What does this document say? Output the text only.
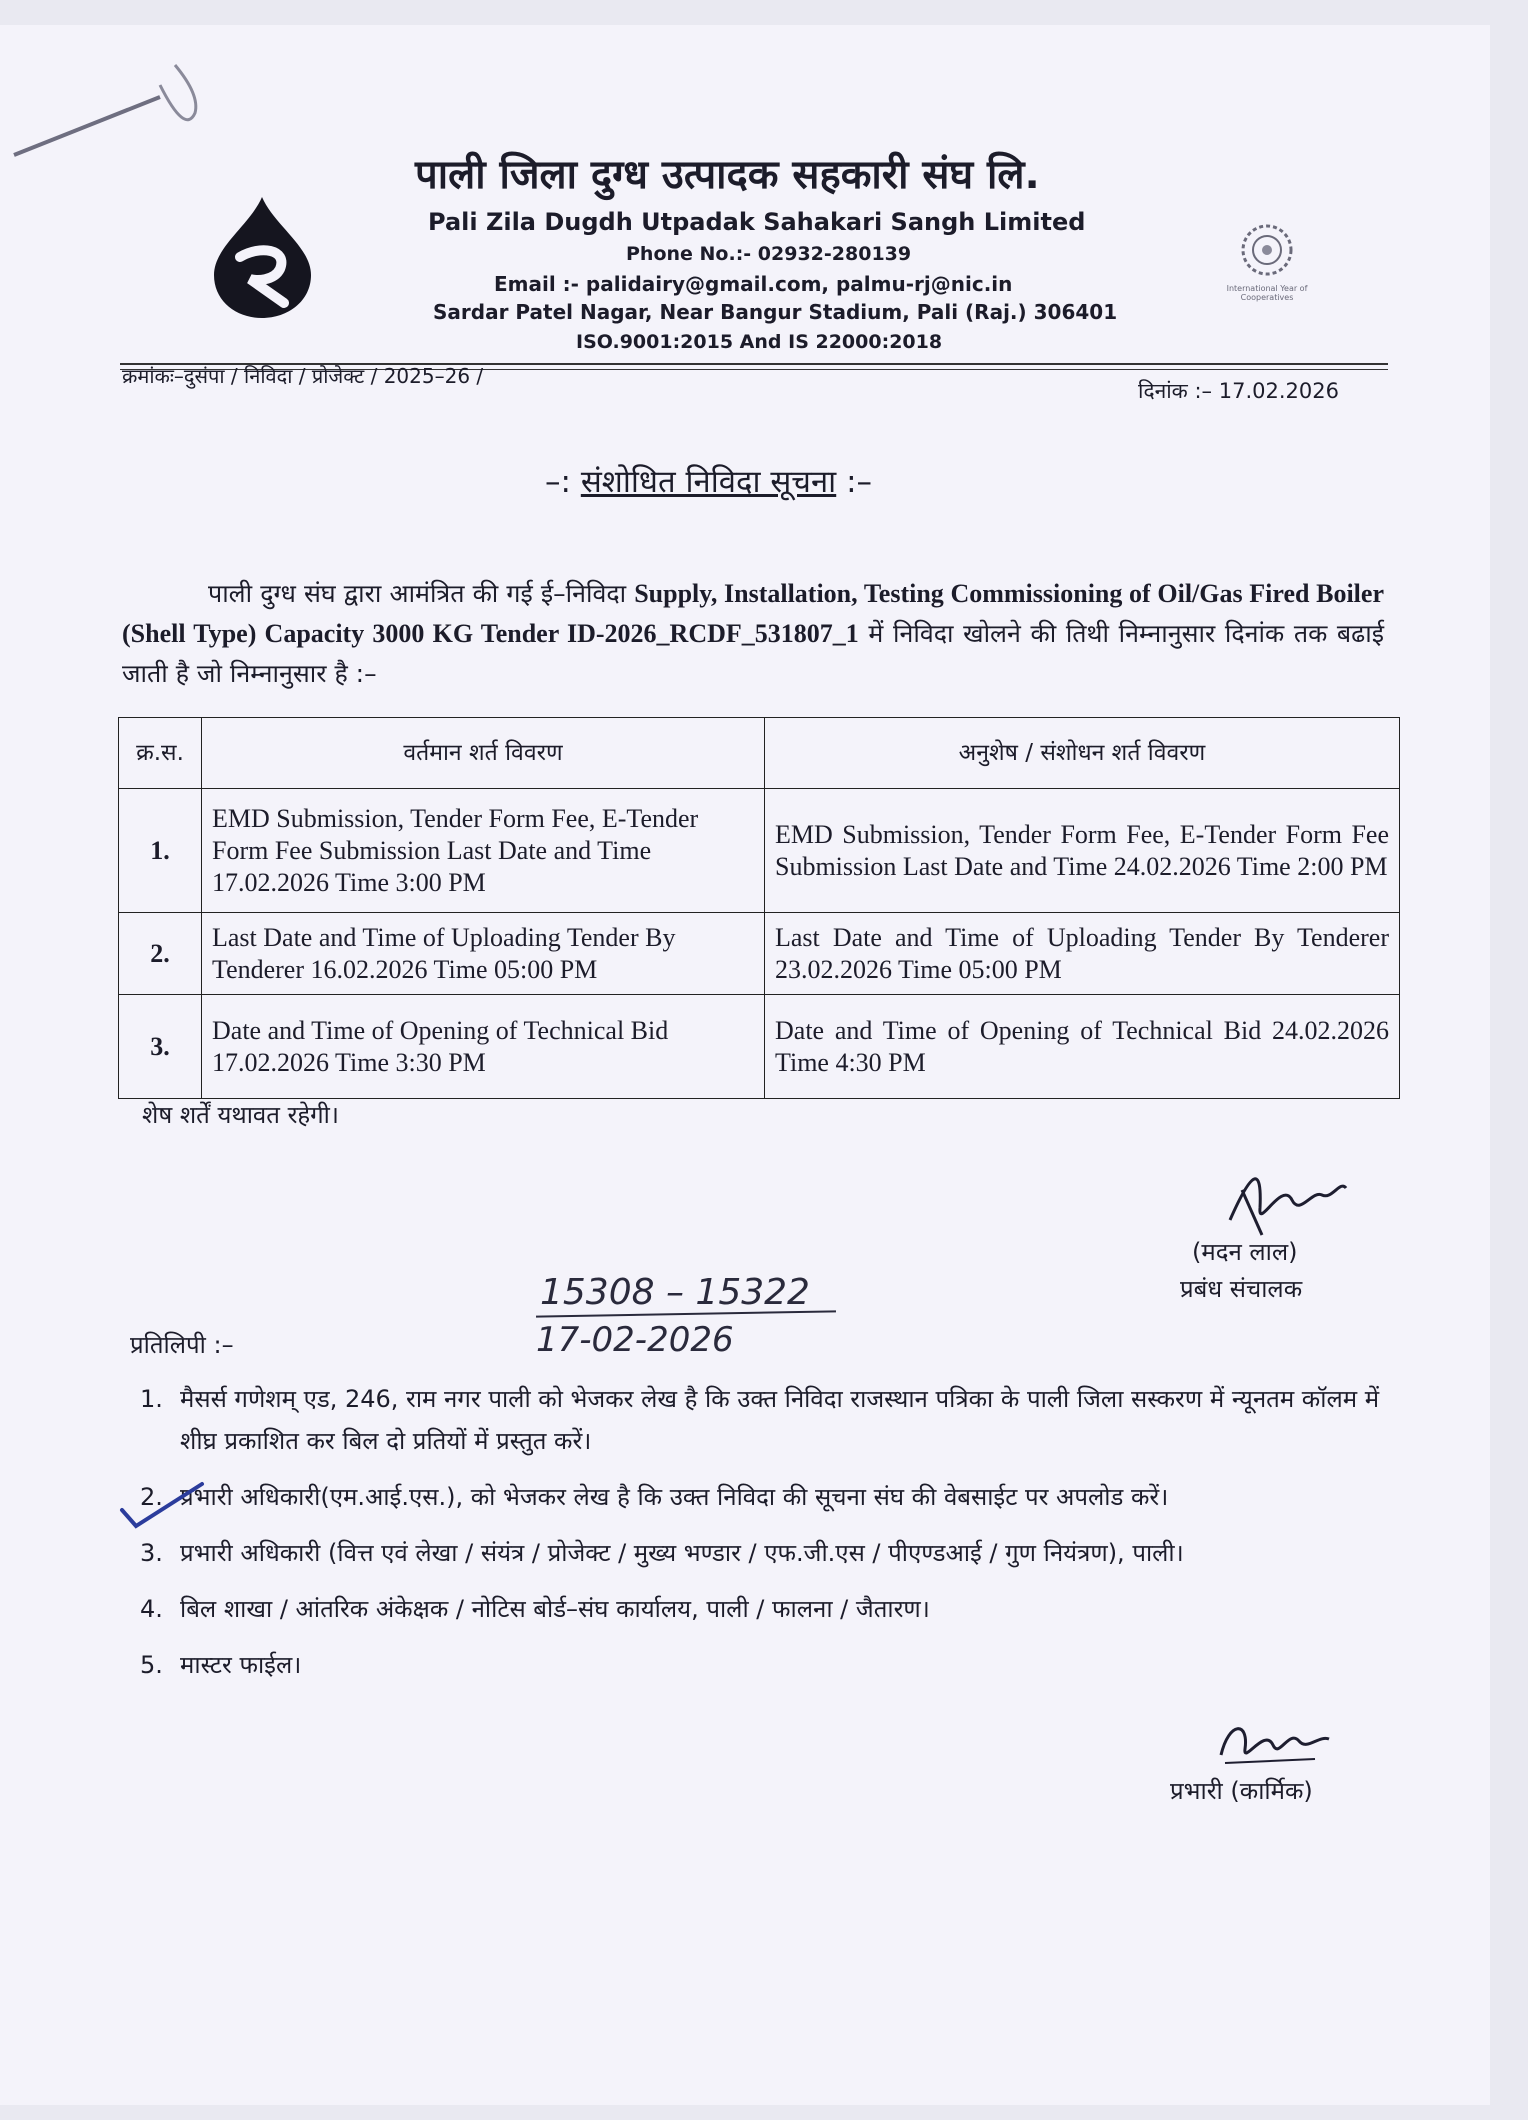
International Year of Cooperatives
पाली जिला दुग्ध उत्पादक सहकारी संघ लि.
Pali Zila Dugdh Utpadak Sahakari Sangh Limited
Phone No.:- 02932-280139
Email :- palidairy@gmail.com, palmu-rj@nic.in
Sardar Patel Nagar, Near Bangur Stadium, Pali (Raj.) 306401
ISO.9001:2015 And IS 22000:2018
क्रमांकः–दुसंपा / निविदा / प्रोजेक्ट / 2025–26 /
दिनांक :– 17.02.2026
–: संशोधित निविदा सूचना :–
पाली दुग्ध संघ द्वारा आमंत्रित की गई ई–निविदा Supply, Installation, Testing Commissioning of Oil/Gas Fired Boiler (Shell Type) Capacity 3000 KG Tender ID-2026_RCDF_531807_1 में निविदा खोलने की तिथी निम्नानुसार दिनांक तक बढाई जाती है जो निम्नानुसार है :–
क्र.स.	वर्तमान शर्त विवरण	अनुशेष / संशोधन शर्त विवरण
1.	EMD Submission, Tender Form Fee, E-Tender Form Fee Submission Last Date and Time 17.02.2026 Time 3:00 PM	EMD Submission, Tender Form Fee, E-Tender Form Fee Submission Last Date and Time 24.02.2026 Time 2:00 PM
2.	Last Date and Time of Uploading Tender By Tenderer 16.02.2026 Time 05:00 PM	Last Date and Time of Uploading Tender By Tenderer 23.02.2026 Time 05:00 PM
3.	Date and Time of Opening of Technical Bid 17.02.2026 Time 3:30 PM	Date and Time of Opening of Technical Bid 24.02.2026 Time 4:30 PM
शेष शर्तें यथावत रहेगी।
(मदन लाल)
प्रबंध संचालक
15308 – 15322
17-02-2026
प्रतिलिपी :–
1. मैसर्स गणेशम् एड, 246, राम नगर पाली को भेजकर लेख है कि उक्त निविदा राजस्थान पत्रिका के पाली जिला सस्करण में न्यूनतम कॉलम में शीघ्र प्रकाशित कर बिल दो प्रतियों में प्रस्तुत करें।
2. प्रभारी अधिकारी(एम.आई.एस.), को भेजकर लेख है कि उक्त निविदा की सूचना संघ की वेबसाईट पर अपलोड करें।
3. प्रभारी अधिकारी (वित्त एवं लेखा / संयंत्र / प्रोजेक्ट / मुख्य भण्डार / एफ.जी.एस / पीएण्डआई / गुण नियंत्रण), पाली।
4. बिल शाखा / आंतरिक अंकेक्षक / नोटिस बोर्ड–संघ कार्यालय, पाली / फालना / जैतारण।
5. मास्टर फाईल।
प्रभारी (कार्मिक)
